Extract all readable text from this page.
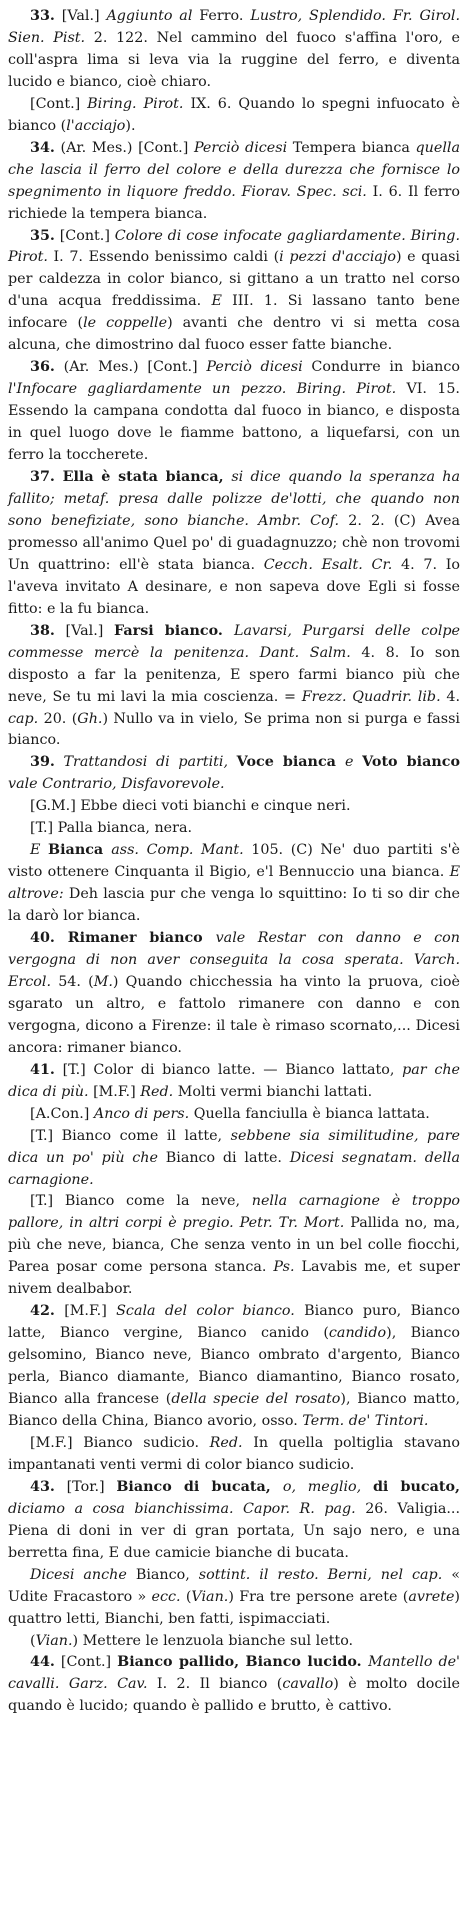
33. [Val.] Aggiunto al Ferro. Lustro, Splendido. Fr. Girol. Sien. Pist. 2. 122. Nel cammino del fuoco s'affina l'oro, e coll'aspra lima si leva via la ruggine del ferro, e diventa lucido e bianco, cioè chiaro.

[Cont.] Biring. Pirot. IX. 6. Quando lo spegni infuocato è bianco (l'acciajo).

34. (Ar. Mes.) [Cont.] Perciò dicesi Tempera bianca quella che lascia il ferro del colore e della durezza che fornisce lo spegnimento in liquore freddo. Fiorav. Spec. sci. I. 6. Il ferro richiede la tempera bianca.

35. [Cont.] Colore di cose infocate gagliardamente. Biring. Pirot. I. 7. Essendo benissimo caldi (i pezzi d'acciajo) e quasi per caldezza in color bianco, si gittano a un tratto nel corso d'una acqua freddissima. E III. 1. Si lassano tanto bene infocare (le coppelle) avanti che dentro vi si metta cosa alcuna, che dimostrino dal fuoco esser fatte bianche.

36. (Ar. Mes.) [Cont.] Perciò dicesi Condurre in bianco l'Infocare gagliardamente un pezzo. Biring. Pirot. VI. 15. Essendo la campana condotta dal fuoco in bianco, e disposta in quel luogo dove le fiamme battono, a liquefarsi, con un ferro la toccherete.

37. Ella è stata bianca, si dice quando la speranza ha fallito; metaf. presa dalle polizze de'lotti, che quando non sono benefiziate, sono bianche. Ambr. Cof. 2. 2. (C) Avea promesso all'animo Quel po' di guadagnuzzo; chè non trovomi Un quattrino: ell'è stata bianca. Cecch. Esalt. Cr. 4. 7. Io l'aveva invitato A desinare, e non sapeva dove Egli si fosse fitto: e la fu bianca.

38. [Val.] Farsi bianco. Lavarsi, Purgarsi delle colpe commesse mercè la penitenza. Dant. Salm. 4. 8. Io son disposto a far la penitenza, E spero farmi bianco più che neve, Se tu mi lavi la mia coscienza. = Frezz. Quadrir. lib. 4. cap. 20. (Gh.) Nullo va in vielo, Se prima non si purga e fassi bianco.

39. Trattandosi di partiti, Voce bianca e Voto bianco vale Contrario, Disfavorevole.

[G.M.] Ebbe dieci voti bianchi e cinque neri.

[T.] Palla bianca, nera.

E Bianca ass. Comp. Mant. 105. (C) Ne' duo partiti s'è visto ottenere Cinquanta il Bigio, e'l Bennuccio una bianca. E altrove: Deh lascia pur che venga lo squittino: Io ti so dir che la darò lor bianca.

40. Rimaner bianco vale Restar con danno e con vergogna di non aver conseguita la cosa sperata. Varch. Ercol. 54. (M.) Quando chicchessia ha vinto la pruova, cioè sgarato un altro, e fattolo rimanere con danno e con vergogna, dicono a Firenze: il tale è rimaso scornato,... Dicesi ancora: rimaner bianco.

41. [T.] Color di bianco latte. — Bianco lattato, par che dica di più. [M.F.] Red. Molti vermi bianchi lattati.

[A.Con.] Anco di pers. Quella fanciulla è bianca lattata.

[T.] Bianco come il latte, sebbene sia similitudine, pare dica un po' più che Bianco di latte. Dicesi segnatam. della carnagione.

[T.] Bianco come la neve, nella carnagione è troppo pallore, in altri corpi è pregio. Petr. Tr. Mort. Pallida no, ma, più che neve, bianca, Che senza vento in un bel colle fiocchi, Parea posar come persona stanca. Ps. Lavabis me, et super nivem dealbabor.

42. [M.F.] Scala del color bianco. Bianco puro, Bianco latte, Bianco vergine, Bianco canido (candido), Bianco gelsomino, Bianco neve, Bianco ombrato d'argento, Bianco perla, Bianco diamante, Bianco diamantino, Bianco rosato, Bianco alla francese (della specie del rosato), Bianco matto, Bianco della China, Bianco avorio, osso. Term. de' Tintori.

[M.F.] Bianco sudicio. Red. In quella poltiglia stavano impantanati venti vermi di color bianco sudicio.

43. [Tor.] Bianco di bucata, o, meglio, di bucato, diciamo a cosa bianchissima. Capor. R. pag. 26. Valigia... Piena di doni in ver di gran portata, Un sajo nero, e una berretta fina, E due camicie bianche di bucata.

Dicesi anche Bianco, sottint. il resto. Berni, nel cap. « Udite Fracastoro » ecc. (Vian.) Fra tre persone arete (avrete) quattro letti, Bianchi, ben fatti, ispimacciati.

(Vian.) Mettere le lenzuola bianche sul letto.

44. [Cont.] Bianco pallido, Bianco lucido. Mantello de' cavalli. Garz. Cav. I. 2. Il bianco (cavallo) è molto docile quando è lucido; quando è pallido e brutto, è cattivo.
